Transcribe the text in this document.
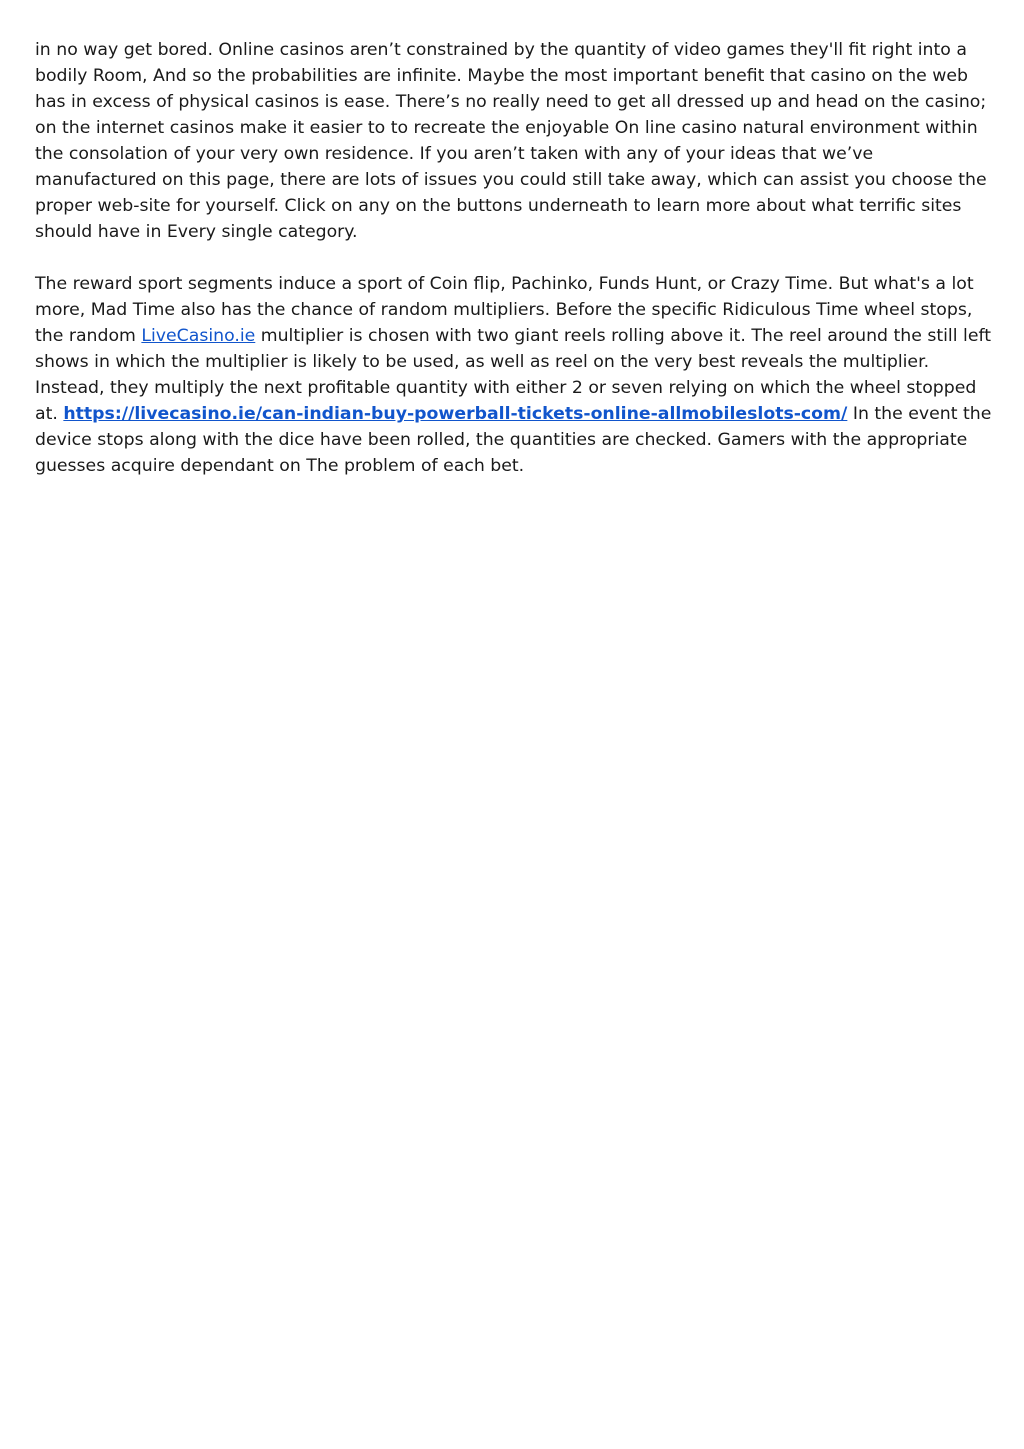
in no way get bored. Online casinos aren’t constrained by the quantity of video games they'll fit right into a bodily Room, And so the probabilities are infinite. Maybe the most important benefit that casino on the web has in excess of physical casinos is ease. There’s no really need to get all dressed up and head on the casino; on the internet casinos make it easier to to recreate the enjoyable On line casino natural environment within the consolation of your very own residence. If you aren’t taken with any of your ideas that we’ve manufactured on this page, there are lots of issues you could still take away, which can assist you choose the proper web-site for yourself. Click on any on the buttons underneath to learn more about what terrific sites should have in Every single category.

The reward sport segments induce a sport of Coin flip, Pachinko, Funds Hunt, or Crazy Time. But what's a lot more, Mad Time also has the chance of random multipliers. Before the specific Ridiculous Time wheel stops, the random LiveCasino.ie multiplier is chosen with two giant reels rolling above it. The reel around the still left shows in which the multiplier is likely to be used, as well as reel on the very best reveals the multiplier. Instead, they multiply the next profitable quantity with either 2 or seven relying on which the wheel stopped at. https://livecasino.ie/can-indian-buy-powerball-tickets-online-allmobileslots-com/ In the event the device stops along with the dice have been rolled, the quantities are checked. Gamers with the appropriate guesses acquire dependant on The problem of each bet.
